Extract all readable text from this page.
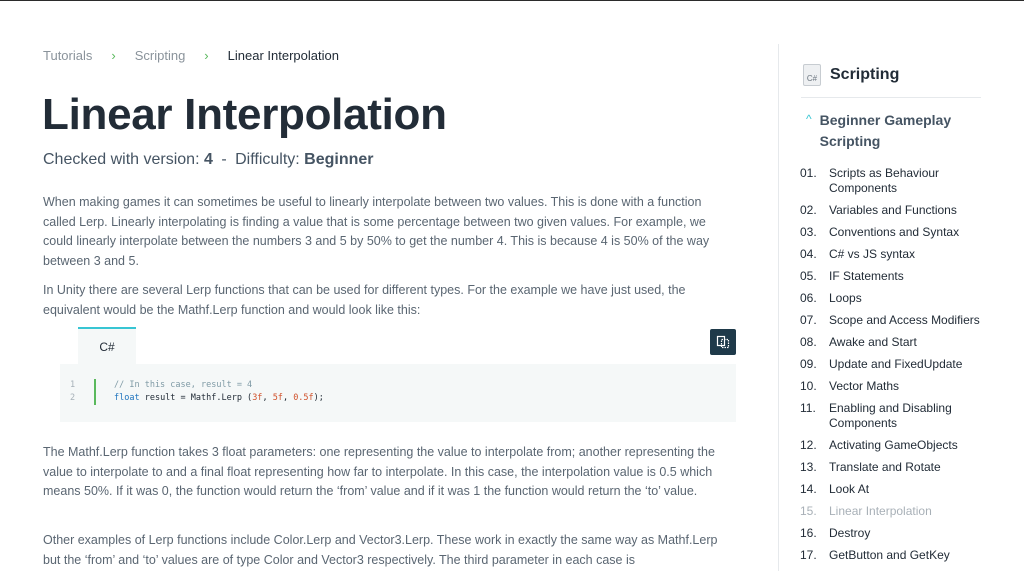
Tutorials › Scripting › Linear Interpolation
Linear Interpolation
Checked with version: 4 - Difficulty: Beginner

When making games it can sometimes be useful to linearly interpolate between two values. This is done with a function called Lerp. Linearly interpolating is finding a value that is some percentage between two given values. For example, we could linearly interpolate between the numbers 3 and 5 by 50% to get the number 4. This is because 4 is 50% of the way between 3 and 5.

In Unity there are several Lerp functions that can be used for different types. For the example we have just used, the equivalent would be the Mathf.Lerp function and would look like this:

C#
1	// In this case, result = 4
2	float result = Mathf.Lerp ( 3f , 5f , 0.5f );

The Mathf.Lerp function takes 3 float parameters: one representing the value to interpolate from; another representing the value to interpolate to and a final float representing how far to interpolate. In this case, the interpolation value is 0.5 which means 50%. If it was 0, the function would return the ‘from’ value and if it was 1 the function would return the ‘to’ value.

Other examples of Lerp functions include Color.Lerp and Vector3.Lerp. These work in exactly the same way as Mathf.Lerp but the ‘from’ and ‘to’ values are of type Color and Vector3 respectively. The third parameter in each case is

C# Scripting
^ Beginner Gameplay Scripting
01.	Scripts as Behaviour Components
02.	Variables and Functions
03.	Conventions and Syntax
04.	C# vs JS syntax
05.	IF Statements
06.	Loops
07.	Scope and Access Modifiers
08.	Awake and Start
09.	Update and FixedUpdate
10.	Vector Maths
11.	Enabling and Disabling Components
12.	Activating GameObjects
13.	Translate and Rotate
14.	Look At
15.	Linear Interpolation
16.	Destroy
17.	GetButton and GetKey
